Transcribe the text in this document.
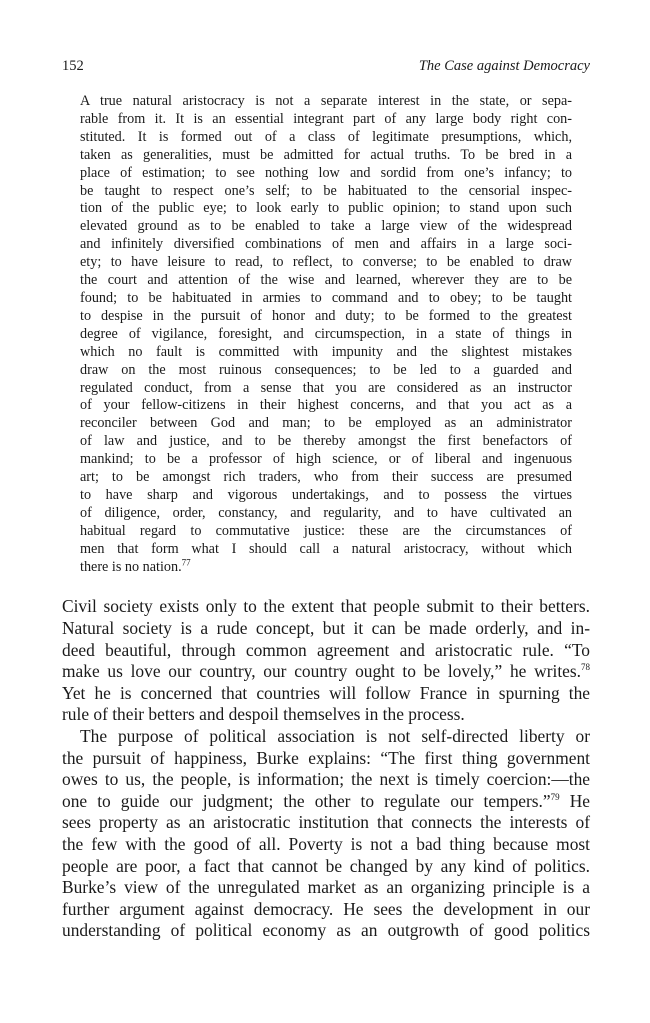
152	The Case against Democracy
A true natural aristocracy is not a separate interest in the state, or sepa-
rable from it. It is an essential integrant part of any large body right con-
stituted. It is formed out of a class of legitimate presumptions, which,
taken as generalities, must be admitted for actual truths. To be bred in a
place of estimation; to see nothing low and sordid from one’s infancy; to
be taught to respect one’s self; to be habituated to the censorial inspec-
tion of the public eye; to look early to public opinion; to stand upon such
elevated ground as to be enabled to take a large view of the widespread
and infinitely diversified combinations of men and affairs in a large soci-
ety; to have leisure to read, to reflect, to converse; to be enabled to draw
the court and attention of the wise and learned, wherever they are to be
found; to be habituated in armies to command and to obey; to be taught
to despise in the pursuit of honor and duty; to be formed to the greatest
degree of vigilance, foresight, and circumspection, in a state of things in
which no fault is committed with impunity and the slightest mistakes
draw on the most ruinous consequences; to be led to a guarded and
regulated conduct, from a sense that you are considered as an instructor
of your fellow-citizens in their highest concerns, and that you act as a
reconciler between God and man; to be employed as an administrator
of law and justice, and to be thereby amongst the first benefactors of
mankind; to be a professor of high science, or of liberal and ingenuous
art; to be amongst rich traders, who from their success are presumed
to have sharp and vigorous undertakings, and to possess the virtues
of diligence, order, constancy, and regularity, and to have cultivated an
habitual regard to commutative justice: these are the circumstances of
men that form what I should call a natural aristocracy, without which
there is no nation.$^{77}$
Civil society exists only to the extent that people submit to their betters.
Natural society is a rude concept, but it can be made orderly, and in-
deed beautiful, through common agreement and aristocratic rule. “To
make us love our country, our country ought to be lovely,” he writes.$^{78}$
Yet he is concerned that countries will follow France in spurning the
rule of their betters and despoil themselves in the process.
The purpose of political association is not self-directed liberty or
the pursuit of happiness, Burke explains: “The first thing government
owes to us, the people, is information; the next is timely coercion:—the
one to guide our judgment; the other to regulate our tempers.”$^{79}$ He
sees property as an aristocratic institution that connects the interests of
the few with the good of all. Poverty is not a bad thing because most
people are poor, a fact that cannot be changed by any kind of politics.
Burke’s view of the unregulated market as an organizing principle is a
further argument against democracy. He sees the development in our
understanding of political economy as an outgrowth of good politics
